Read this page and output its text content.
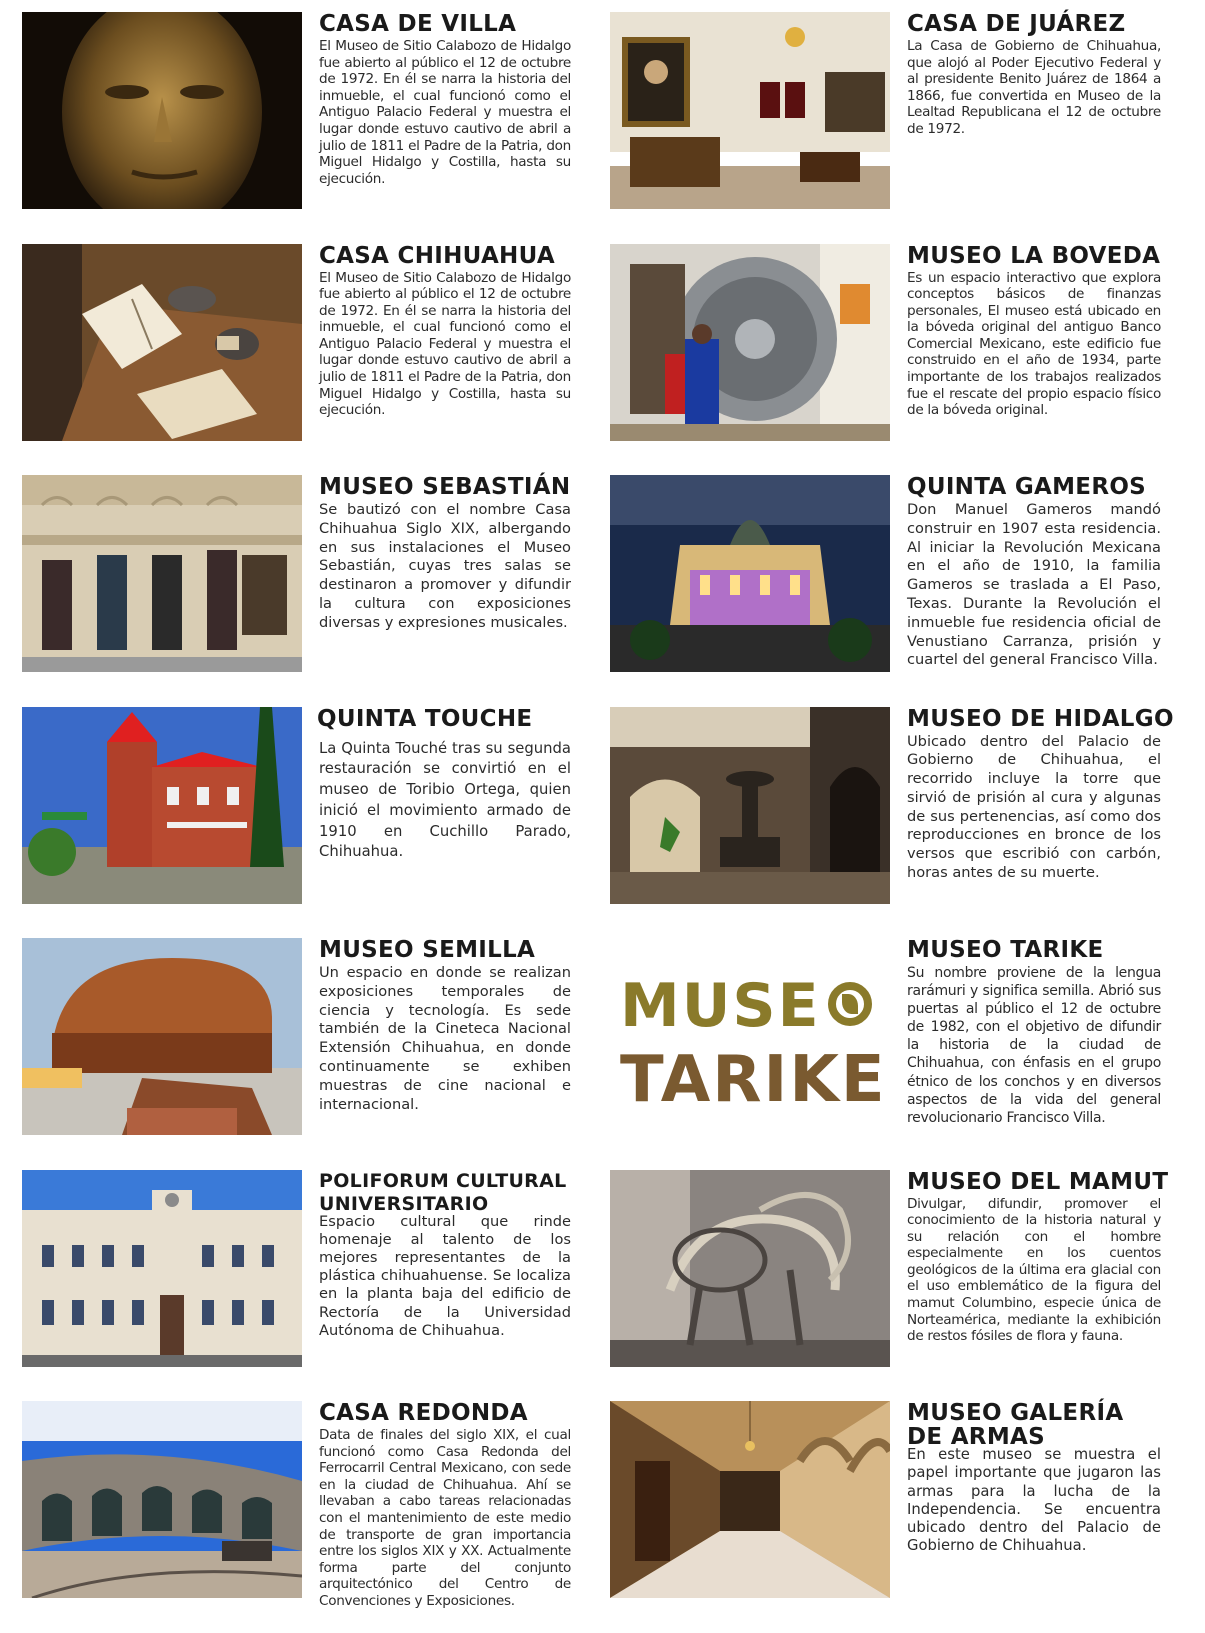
CASA DE VILLA

El Museo de Sitio Calabozo de Hidalgo fue abierto al público el 12 de octubre de 1972. En él se narra la historia del inmueble, el cual funcionó como el Antiguo Palacio Federal y muestra el lugar donde estuvo cautivo de abril a julio de 1811 el Padre de la Patria, don Miguel Hidalgo y Costilla, hasta su ejecución.

CASA DE JUÁREZ

La Casa de Gobierno de Chihuahua, que alojó al Poder Ejecutivo Federal y al presidente Benito Juárez de 1864 a 1866, fue convertida en Museo de la Lealtad Republicana el 12 de octubre de 1972.

CASA CHIHUAHUA

El Museo de Sitio Calabozo de Hidalgo fue abierto al público el 12 de octubre de 1972. En él se narra la historia del inmueble, el cual funcionó como el Antiguo Palacio Federal y muestra el lugar donde estuvo cautivo de abril a julio de 1811 el Padre de la Patria, don Miguel Hidalgo y Costilla, hasta su ejecución.

MUSEO LA BOVEDA

Es un espacio interactivo que explora conceptos básicos de finanzas personales, El museo está ubicado en la bóveda original del antiguo Banco Comercial Mexicano, este edificio fue construido en el año de 1934, parte importante de los trabajos realizados fue el rescate del propio espacio físico de la bóveda original.

MUSEO SEBASTIÁN

Se bautizó con el nombre Casa Chihuahua Siglo XIX, albergando en sus instalaciones el Museo Sebastián, cuyas tres salas se destinaron a promover y difundir la cultura con exposiciones diversas y expresiones musicales.

QUINTA GAMEROS

Don Manuel Gameros mandó construir en 1907 esta residencia. Al iniciar la Revolución Mexicana en el año de 1910, la familia Gameros se traslada a El Paso, Texas. Durante la Revolución el inmueble fue residencia oficial de Venustiano Carranza, prisión y cuartel del general Francisco Villa.

QUINTA TOUCHE

La Quinta Touché tras su segunda restauración se convirtió en el museo de Toribio Ortega, quien inició el movimiento armado de 1910 en Cuchillo Parado, Chihuahua.

MUSEO DE HIDALGO

Ubicado dentro del Palacio de Gobierno de Chihuahua, el recorrido incluye la torre que sirvió de prisión al cura y algunas de sus pertenencias, así como dos reproducciones en bronce de los versos que escribió con carbón, horas antes de su muerte.

MUSEO SEMILLA

Un espacio en donde se realizan exposiciones temporales de ciencia y tecnología. Es sede también de la Cineteca Nacional Extensión Chihuahua, en donde continuamente se exhiben muestras de cine nacional e internacional.

MUSE
TARIKE
MUSEO TARIKE

Su nombre proviene de la lengua rarámuri y significa semilla. Abrió sus puertas al público el 12 de octubre de 1982, con el objetivo de difundir la historia de la ciudad de Chihuahua, con énfasis en el grupo étnico de los conchos y en diversos aspectos de la vida del general revolucionario Francisco Villa.

POLIFORUM CULTURAL UNIVERSITARIO

Espacio cultural que rinde homenaje al talento de los mejores representantes de la plástica chihuahuense. Se localiza en la planta baja del edificio de Rectoría de la Universidad Autónoma de Chihuahua.

MUSEO DEL MAMUT

Divulgar, difundir, promover el conocimiento de la historia natural y su relación con el hombre especialmente en los cuentos geológicos de la última era glacial con el uso emblemático de la figura del mamut Columbino, especie única de Norteamérica, mediante la exhibición de restos fósiles de flora y fauna.

CASA REDONDA

Data de finales del siglo XIX, el cual funcionó como Casa Redonda del Ferrocarril Central Mexicano, con sede en la ciudad de Chihuahua. Ahí se llevaban a cabo tareas relacionadas con el mantenimiento de este medio de transporte de gran importancia entre los siglos XIX y XX. Actualmente forma parte del conjunto arquitectónico del Centro de Convenciones y Exposiciones.

MUSEO GALERÍA DE ARMAS

En este museo se muestra el papel importante que jugaron las armas para la lucha de la Independencia. Se encuentra ubicado dentro del Palacio de Gobierno de Chihuahua.
